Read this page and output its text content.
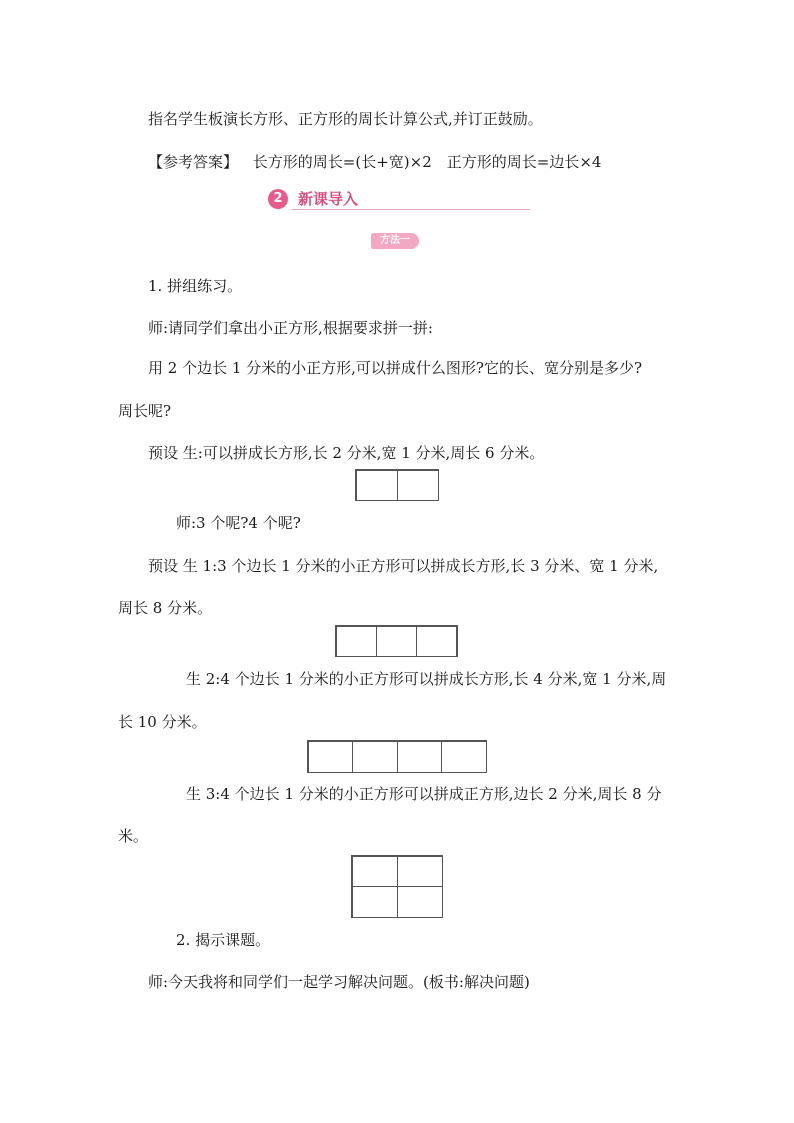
指名学生板演长方形、正方形的周长计算公式,并订正鼓励。
【参考答案】 长方形的周长=(长+宽)×2　正方形的周长=边长×4
2	新课导入
方法一
1. 拼组练习。
师:请同学们拿出小正方形,根据要求拼一拼:
用 2 个边长 1 分米的小正方形,可以拼成什么图形?它的长、宽分别是多少?
周长呢?
预设 生:可以拼成长方形,长 2 分米,宽 1 分米,周长 6 分米。
师:3 个呢?4 个呢?
预设 生 1:3 个边长 1 分米的小正方形可以拼成长方形,长 3 分米、宽 1 分米,
周长 8 分米。
生 2:4 个边长 1 分米的小正方形可以拼成长方形,长 4 分米,宽 1 分米,周
长 10 分米。
生 3:4 个边长 1 分米的小正方形可以拼成正方形,边长 2 分米,周长 8 分
米。
2. 揭示课题。
师:今天我将和同学们一起学习解决问题。(板书:解决问题)
